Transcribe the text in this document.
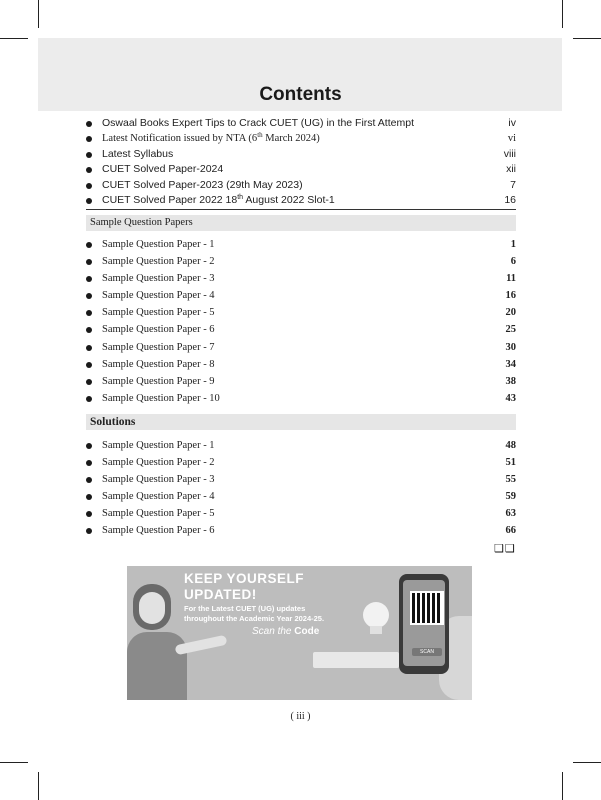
Contents
Oswaal Books Expert Tips to Crack CUET (UG) in the First Attempt	iv
Latest Notification issued by NTA (6th March 2024)	vi
Latest Syllabus	viii
CUET Solved Paper-2024	xii
CUET Solved Paper-2023 (29th May 2023)	7
CUET Solved Paper 2022 18th August 2022 Slot-1	16
Sample Question Papers
Sample Question Paper - 1	1
Sample Question Paper - 2	6
Sample Question Paper - 3	11
Sample Question Paper - 4	16
Sample Question Paper - 5	20
Sample Question Paper - 6	25
Sample Question Paper - 7	30
Sample Question Paper - 8	34
Sample Question Paper - 9	38
Sample Question Paper - 10	43
Solutions
Sample Question Paper - 1	48
Sample Question Paper - 2	51
Sample Question Paper - 3	55
Sample Question Paper - 4	59
Sample Question Paper - 5	63
Sample Question Paper - 6	66
❑❑
KEEP YOURSELF
UPDATED!
For the Latest CUET (UG) updates throughout the Academic Year 2024-25.
Scan the Code
SCAN
( iii )
